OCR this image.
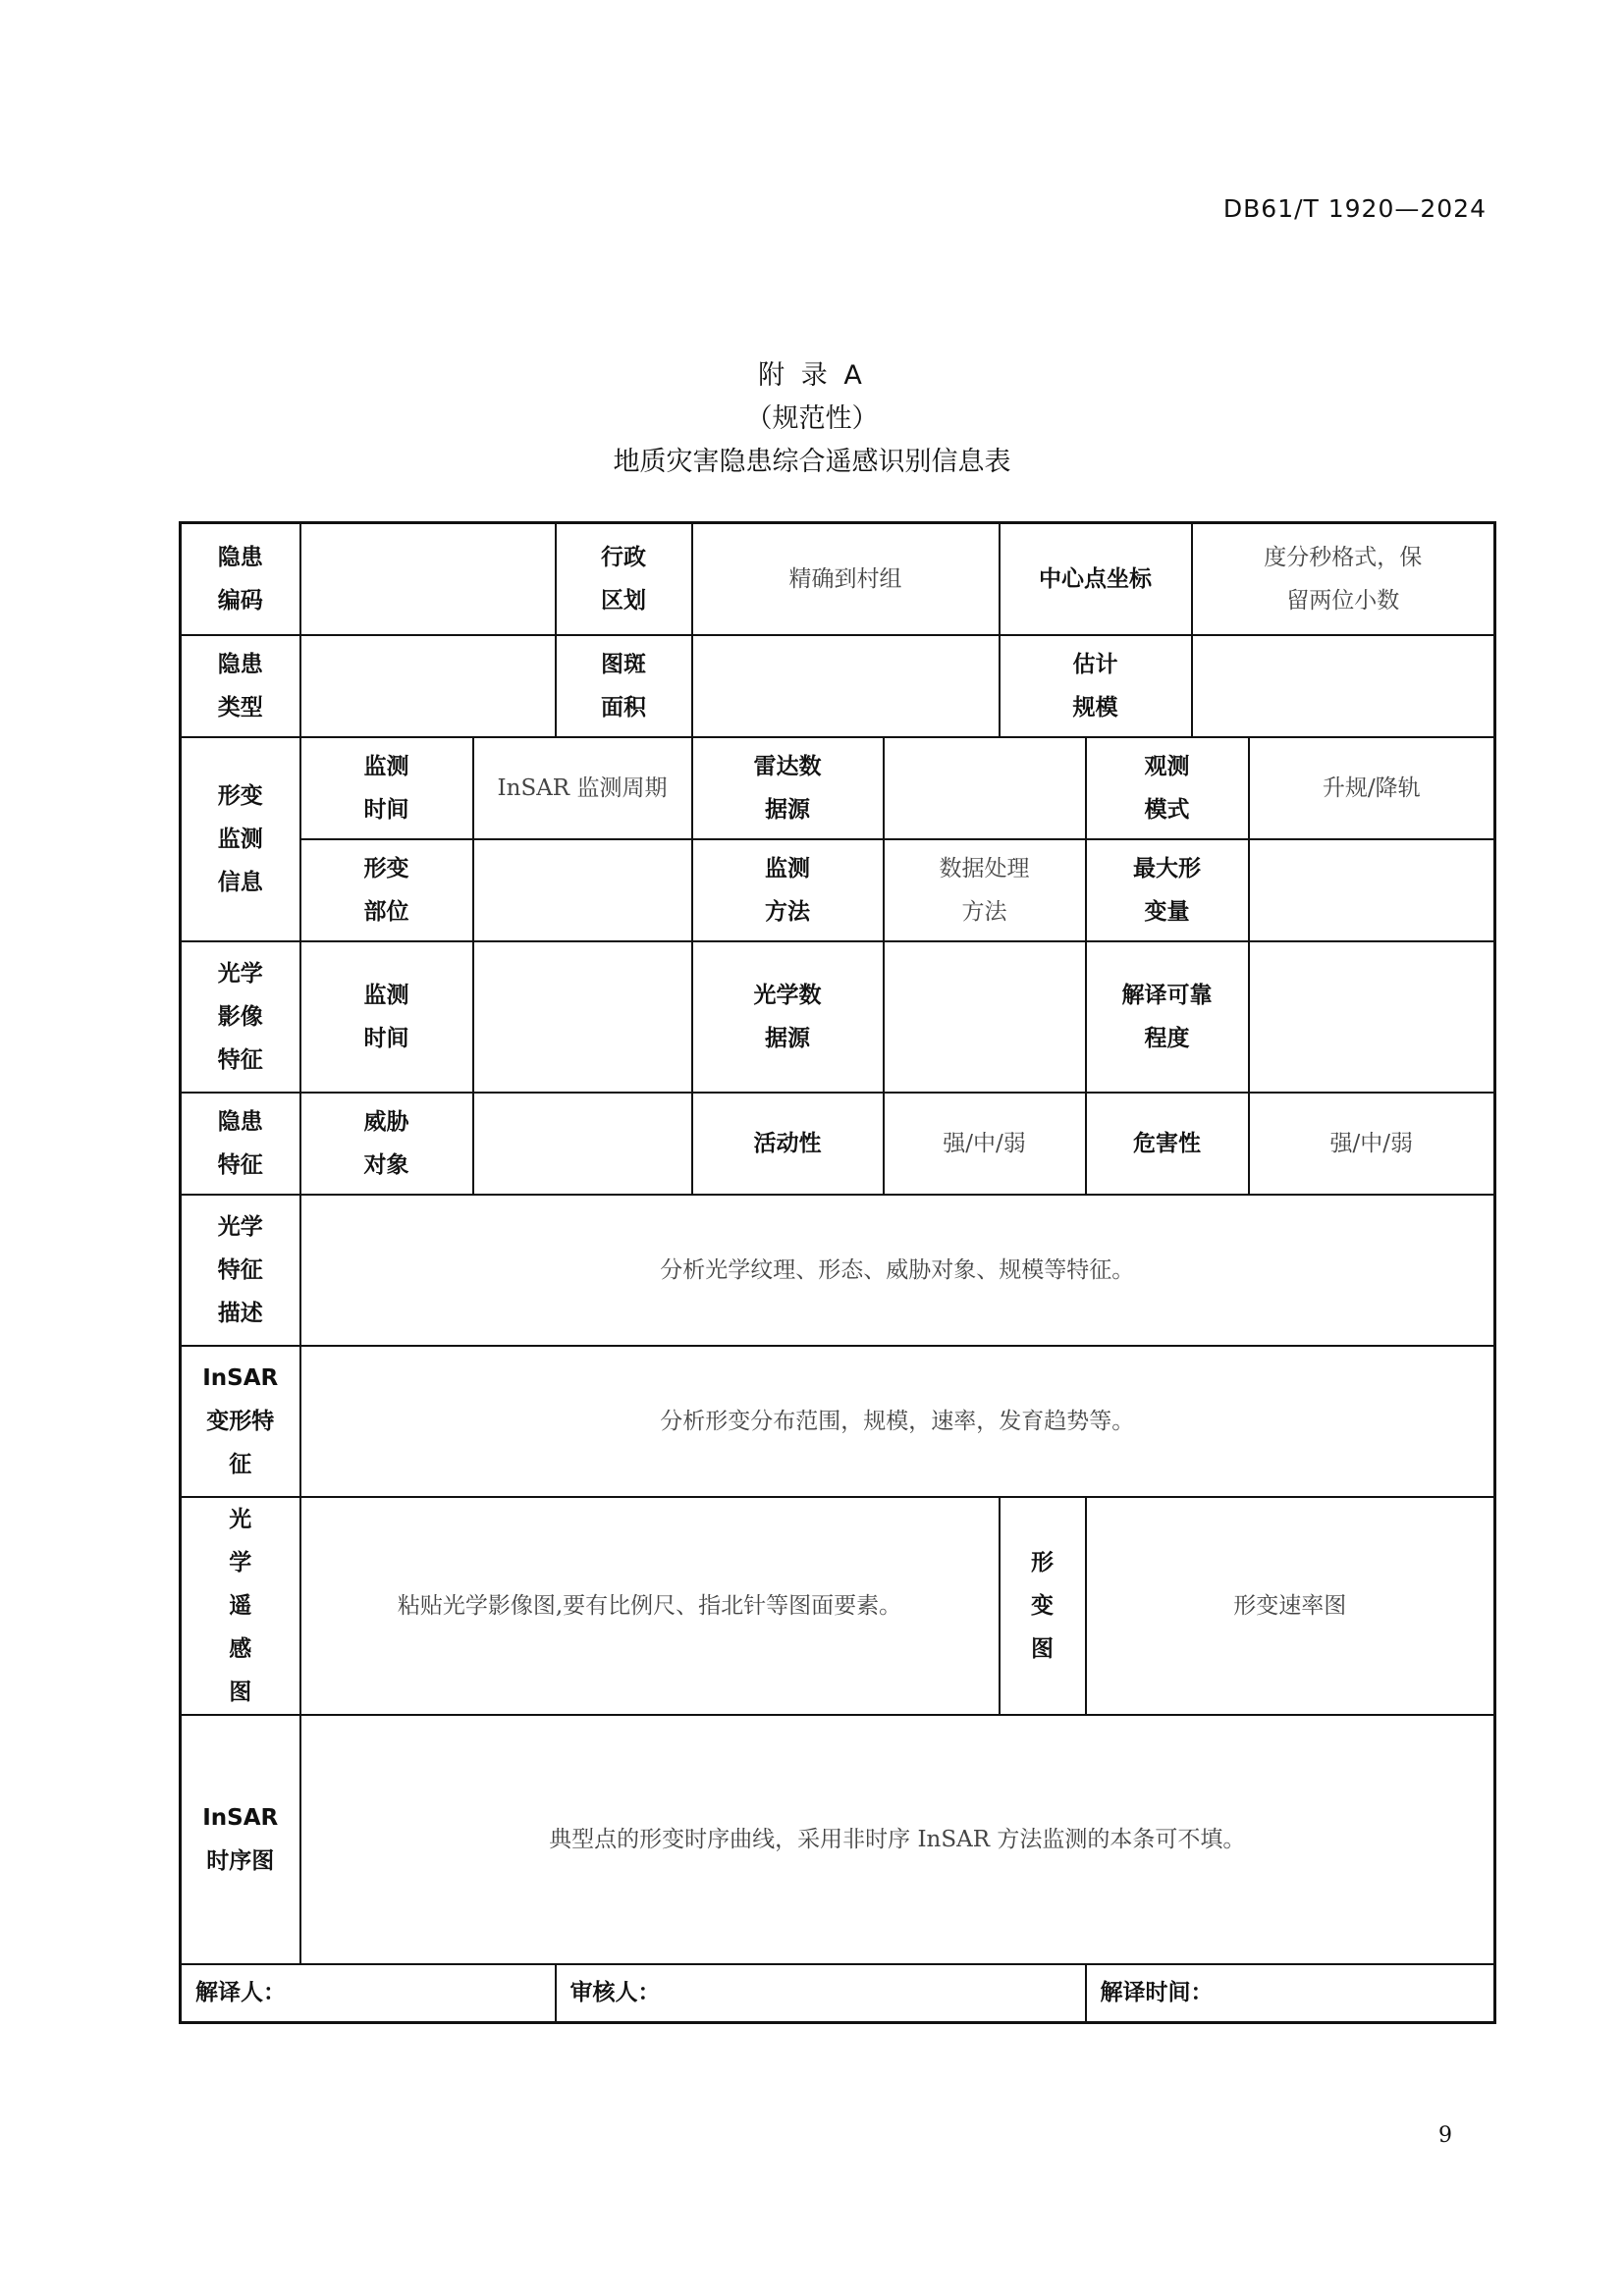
DB61/T 1920—2024
附 录 A
（规范性）
地质灾害隐患综合遥感识别信息表
隐患编码			行政区划	精确到村组		中心点坐标		度分秒格式，保留两位小数	
隐患类型			图斑面积			估计规模			
形变监测信息	监测时间	InSAR 监测周期		雷达数据源			观测模式		升规/降轨
	形变部位			监测方法	数据处理方法		最大形变量		
光学影像特征	监测时间			光学数据源			解译可靠程度		
隐患特征	威胁对象			活动性	强/中/弱		危害性		强/中/弱
光学特征描述	分析光学纹理、形态、威胁对象、规模等特征。								
InSAR变形特征	分析形变分布范围，规模，速率，发育趋势等。								
光学遥感图	粘贴光学影像图,要有比例尺、指北针等图面要素。					形变图	形变速率图		
InSAR时序图	典型点的形变时序曲线，采用非时序 InSAR 方法监测的本条可不填。								
解译人：			审核人：				解译时间：		
9
